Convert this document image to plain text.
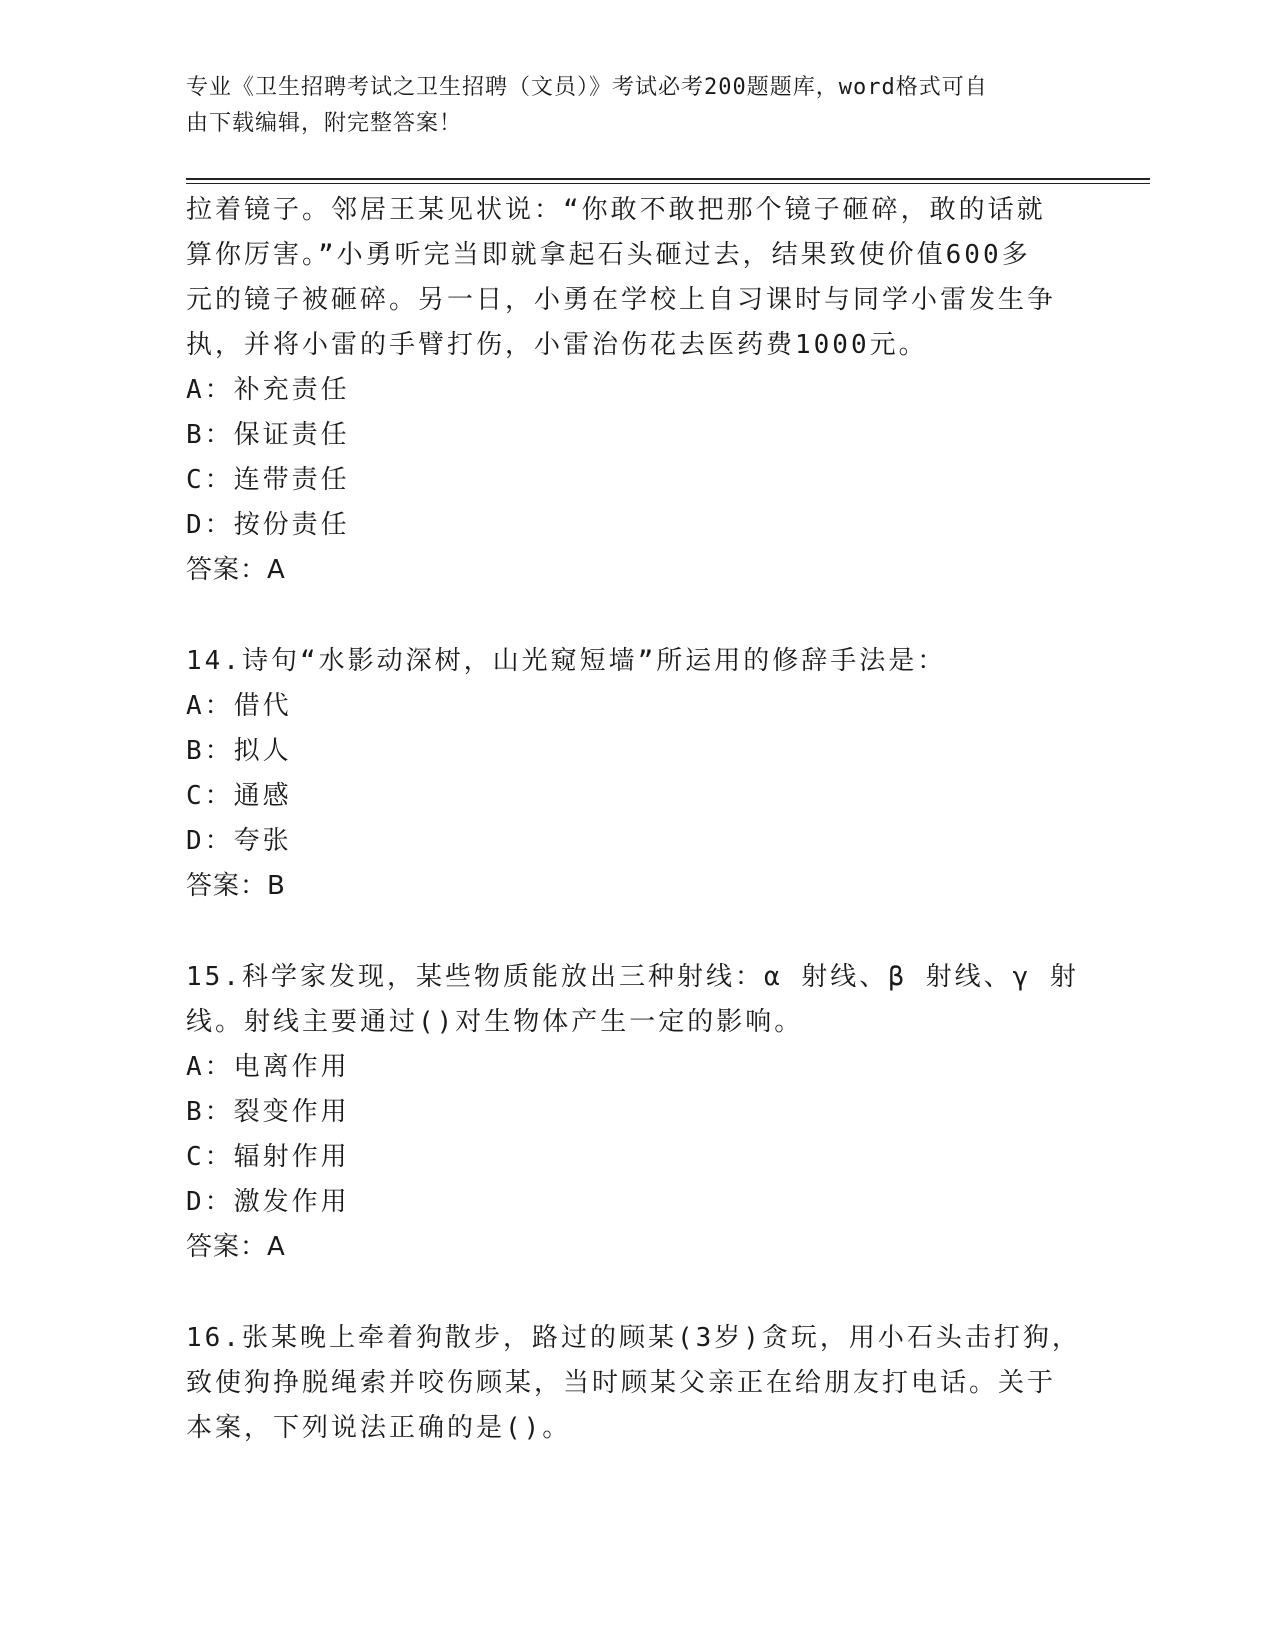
专业《卫生招聘考试之卫生招聘（文员）》考试必考200题题库，word格式可自
由下载编辑，附完整答案！
拉着镜子。邻居王某见状说：“你敢不敢把那个镜子砸碎，敢的话就
算你厉害。”小勇听完当即就拿起石头砸过去，结果致使价值600多
元的镜子被砸碎。另一日，小勇在学校上自习课时与同学小雷发生争
执，并将小雷的手臂打伤，小雷治伤花去医药费1000元。
A：补充责任
B：保证责任
C：连带责任
D：按份责任
答案：A
14.诗句“水影动深树，山光窥短墙”所运用的修辞手法是：
A：借代
B：拟人
C：通感
D：夸张
答案：B
15.科学家发现，某些物质能放出三种射线：α 射线、β 射线、γ 射
线。射线主要通过()对生物体产生一定的影响。
A：电离作用
B：裂变作用
C：辐射作用
D：激发作用
答案：A
16.张某晚上牵着狗散步，路过的顾某(3岁)贪玩，用小石头击打狗，
致使狗挣脱绳索并咬伤顾某，当时顾某父亲正在给朋友打电话。关于
本案，下列说法正确的是()。
